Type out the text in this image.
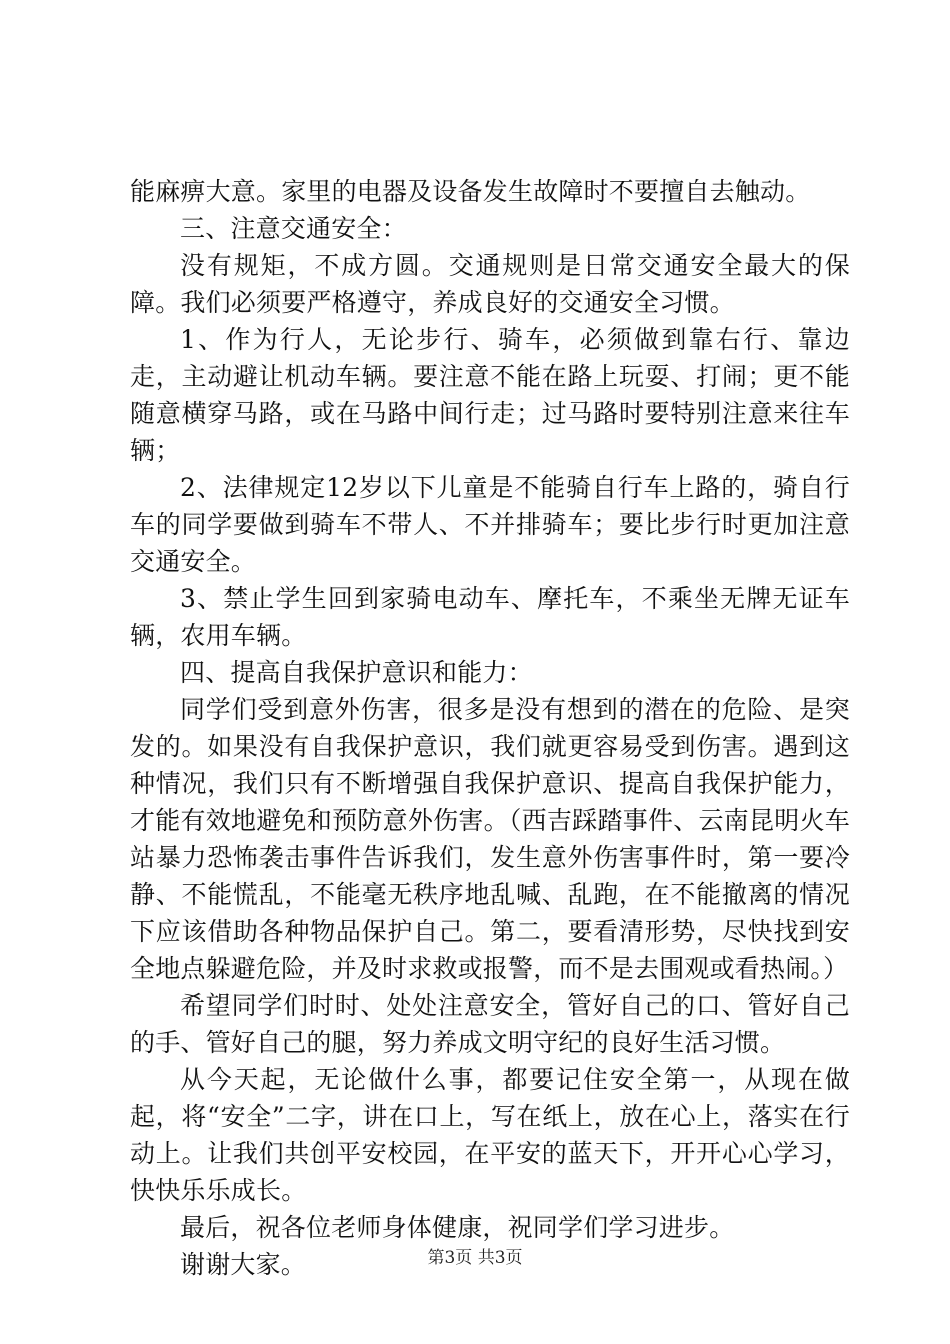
能麻痹大意。家里的电器及设备发生故障时不要擅自去触动。

三、注意交通安全：

没有规矩，不成方圆。交通规则是日常交通安全最大的保障。我们必须要严格遵守，养成良好的交通安全习惯。

1、作为行人，无论步行、骑车，必须做到靠右行、靠边走，主动避让机动车辆。要注意不能在路上玩耍、打闹；更不能随意横穿马路，或在马路中间行走；过马路时要特别注意来往车辆；

2、法律规定12岁以下儿童是不能骑自行车上路的，骑自行车的同学要做到骑车不带人、不并排骑车；要比步行时更加注意交通安全。

3、禁止学生回到家骑电动车、摩托车，不乘坐无牌无证车辆，农用车辆。

四、提高自我保护意识和能力：

同学们受到意外伤害，很多是没有想到的潜在的危险、是突发的。如果没有自我保护意识，我们就更容易受到伤害。遇到这种情况，我们只有不断增强自我保护意识、提高自我保护能力，才能有效地避免和预防意外伤害。（西吉踩踏事件、云南昆明火车站暴力恐怖袭击事件告诉我们，发生意外伤害事件时，第一要冷静、不能慌乱，不能毫无秩序地乱喊、乱跑，在不能撤离的情况下应该借助各种物品保护自己。第二，要看清形势，尽快找到安全地点躲避危险，并及时求救或报警，而不是去围观或看热闹。）

希望同学们时时、处处注意安全，管好自己的口、管好自己的手、管好自己的腿，努力养成文明守纪的良好生活习惯。

从今天起，无论做什么事，都要记住安全第一，从现在做起，将“安全”二字，讲在口上，写在纸上，放在心上，落实在行动上。让我们共创平安校园，在平安的蓝天下，开开心心学习，快快乐乐成长。

最后，祝各位老师身体健康，祝同学们学习进步。

谢谢大家。	第3页 共3页
